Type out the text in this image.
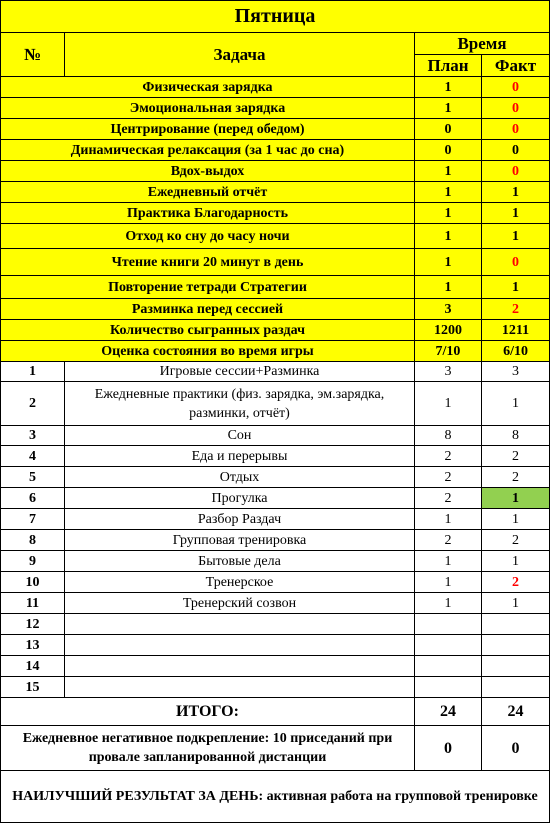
Пятница			
№	Задача	Время	
		План	Факт
Физическая зарядка		1	0
Эмоциональная зарядка		1	0
Центрирование (перед обедом)		0	0
Динамическая релаксация (за 1 час до сна)		0	0
Вдох-выдох		1	0
Ежедневный отчёт		1	1
Практика Благодарность		1	1
Отход ко сну до часу ночи		1	1
Чтение книги 20 минут в день		1	0
Повторение тетради Стратегии		1	1
Разминка перед сессией		3	2
Количество сыгранных раздач		1200	1211
Оценка состояния во время игры		7/10	6/10
1	Игровые сессии+Разминка	3	3
2	Ежедневные практики (физ. зарядка, эм.зарядка, разминки, отчёт)	1	1
3	Сон	8	8
4	Еда и перерывы	2	2
5	Отдых	2	2
6	Прогулка	2	1
7	Разбор Раздач	1	1
8	Групповая тренировка	2	2
9	Бытовые дела	1	1
10	Тренерское	1	2
11	Тренерский созвон	1	1
12			
13			
14			
15			
ИТОГО:		24	24
Ежедневное негативное подкрепление: 10 приседаний при провале запланированной дистанции		0	0
НАИЛУЧШИЙ РЕЗУЛЬТАТ ЗА ДЕНЬ: активная работа на групповой тренировке			
